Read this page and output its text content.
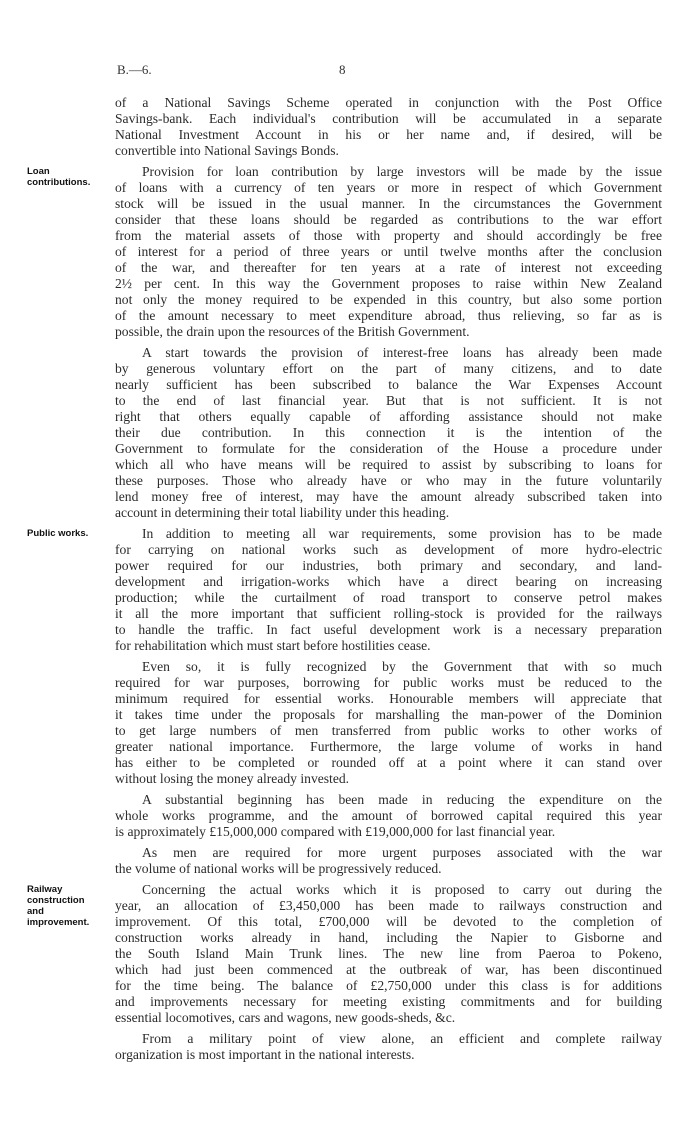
B.—6.	8
of a National Savings Scheme operated in conjunction with the Post Office
Savings-bank. Each individual's contribution will be accumulated in a separate
National Investment Account in his or her name and, if desired, will be
convertible into National Savings Bonds.
Loan
contributions.
Provision for loan contribution by large investors will be made by the issue
of loans with a currency of ten years or more in respect of which Government
stock will be issued in the usual manner. In the circumstances the Government
consider that these loans should be regarded as contributions to the war effort
from the material assets of those with property and should accordingly be free
of interest for a period of three years or until twelve months after the conclusion
of the war, and thereafter for ten years at a rate of interest not exceeding
2½ per cent. In this way the Government proposes to raise within New Zealand
not only the money required to be expended in this country, but also some portion
of the amount necessary to meet expenditure abroad, thus relieving, so far as is
possible, the drain upon the resources of the British Government.
A start towards the provision of interest-free loans has already been made
by generous voluntary effort on the part of many citizens, and to date
nearly sufficient has been subscribed to balance the War Expenses Account
to the end of last financial year. But that is not sufficient. It is not
right that others equally capable of affording assistance should not make
their due contribution. In this connection it is the intention of the
Government to formulate for the consideration of the House a procedure under
which all who have means will be required to assist by subscribing to loans for
these purposes. Those who already have or who may in the future voluntarily
lend money free of interest, may have the amount already subscribed taken into
account in determining their total liability under this heading.
Public works.	In addition to meeting all war requirements, some provision has to be made
for carrying on national works such as development of more hydro-electric
power required for our industries, both primary and secondary, and land-
development and irrigation-works which have a direct bearing on increasing
production; while the curtailment of road transport to conserve petrol makes
it all the more important that sufficient rolling-stock is provided for the railways
to handle the traffic. In fact useful development work is a necessary preparation
for rehabilitation which must start before hostilities cease.
Even so, it is fully recognized by the Government that with so much
required for war purposes, borrowing for public works must be reduced to the
minimum required for essential works. Honourable members will appreciate that
it takes time under the proposals for marshalling the man-power of the Dominion
to get large numbers of men transferred from public works to other works of
greater national importance. Furthermore, the large volume of works in hand
has either to be completed or rounded off at a point where it can stand over
without losing the money already invested.
A substantial beginning has been made in reducing the expenditure on the
whole works programme, and the amount of borrowed capital required this year
is approximately £15,000,000 compared with £19,000,000 for last financial year.
As men are required for more urgent purposes associated with the war
the volume of national works will be progressively reduced.
Railway
construction
and
improvement.
Concerning the actual works which it is proposed to carry out during the
year, an allocation of £3,450,000 has been made to railways construction and
improvement. Of this total, £700,000 will be devoted to the completion of
construction works already in hand, including the Napier to Gisborne and
the South Island Main Trunk lines. The new line from Paeroa to Pokeno,
which had just been commenced at the outbreak of war, has been discontinued
for the time being. The balance of £2,750,000 under this class is for additions
and improvements necessary for meeting existing commitments and for building
essential locomotives, cars and wagons, new goods-sheds, &c.
From a military point of view alone, an efficient and complete railway
organization is most important in the national interests.
